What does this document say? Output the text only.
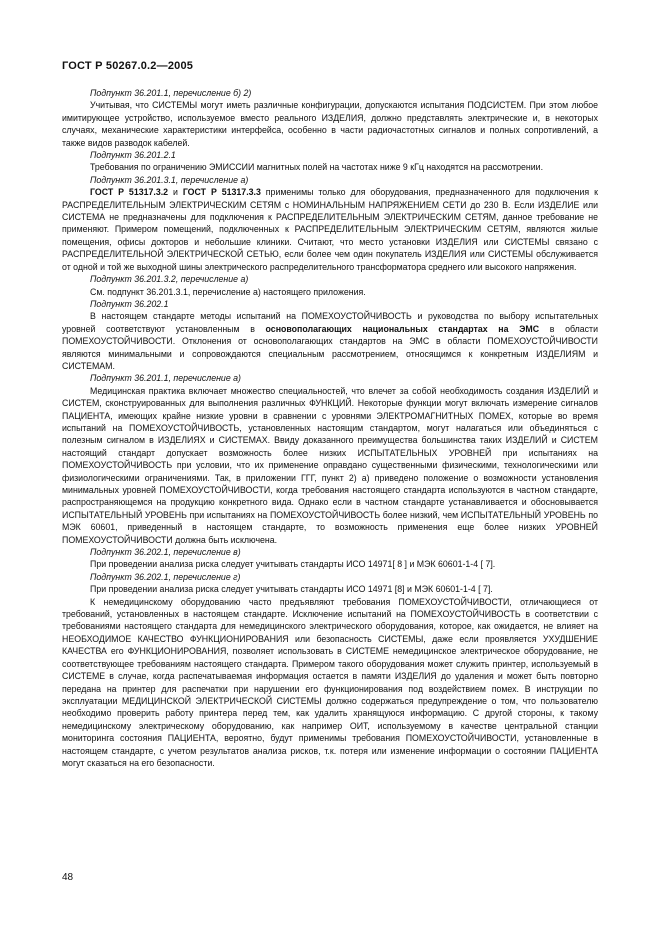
ГОСТ Р 50267.0.2—2005

Подпункт 36.201.1, перечисление б) 2)

Учитывая, что СИСТЕМЫ могут иметь различные конфигурации, допускаются испытания ПОДСИСТЕМ. При этом любое имитирующее устройство, используемое вместо реального ИЗДЕЛИЯ, должно представлять электрические и, в некоторых случаях, механические характеристики интерфейса, особенно в части радиочастотных сигналов и полных сопротивлений, а также видов разводок кабелей.

Подпункт 36.201.2.1

Требования по ограничению ЭМИССИИ магнитных полей на частотах ниже 9 кГц находятся на рассмотрении.

Подпункт 36.201.3.1, перечисление а)

ГОСТ Р 51317.3.2 и ГОСТ Р 51317.3.3 применимы только для оборудования, предназначенного для подключения к РАСПРЕДЕЛИТЕЛЬНЫМ ЭЛЕКТРИЧЕСКИМ СЕТЯМ с НОМИНАЛЬНЫМ НАПРЯЖЕНИЕМ СЕТИ до 230 В. Если ИЗДЕЛИЕ или СИСТЕМА не предназначены для подключения к РАСПРЕДЕЛИТЕЛЬНЫМ ЭЛЕКТРИЧЕСКИМ СЕТЯМ, данное требование не применяют. Примером помещений, подключенных к РАСПРЕДЕЛИТЕЛЬНЫМ ЭЛЕКТРИЧЕСКИМ СЕТЯМ, являются жилые помещения, офисы докторов и небольшие клиники. Считают, что место установки ИЗДЕЛИЯ или СИСТЕМЫ связано с РАСПРЕДЕЛИТЕЛЬНОЙ ЭЛЕКТРИЧЕСКОЙ СЕТЬЮ, если более чем один покупатель ИЗДЕЛИЯ или СИСТЕМЫ обслуживается от одной и той же выходной шины электрического распределительного трансформатора среднего или высокого напряжения.

Подпункт 36.201.3.2, перечисление а)

См. подпункт 36.201.3.1, перечисление а) настоящего приложения.

Подпункт 36.202.1

В настоящем стандарте методы испытаний на ПОМЕХОУСТОЙЧИВОСТЬ и руководства по выбору испытательных уровней соответствуют установленным в основополагающих национальных стандартах на ЭМС в области ПОМЕХОУСТОЙЧИВОСТИ. Отклонения от основополагающих стандартов на ЭМС в области ПОМЕХОУСТОЙЧИВОСТИ являются минимальными и сопровождаются специальным рассмотрением, относящимся к конкретным ИЗДЕЛИЯМ и СИСТЕМАМ.

Подпункт 36.201.1, перечисление а)

Медицинская практика включает множество специальностей, что влечет за собой необходимость создания ИЗДЕЛИЙ и СИСТЕМ, сконструированных для выполнения различных ФУНКЦИЙ. Некоторые функции могут включать измерение сигналов ПАЦИЕНТА, имеющих крайне низкие уровни в сравнении с уровнями ЭЛЕКТРОМАГНИТНЫХ ПОМЕХ, которые во время испытаний на ПОМЕХОУСТОЙЧИВОСТЬ, установленных настоящим стандартом, могут налагаться или объединяться с полезным сигналом в ИЗДЕЛИЯХ и СИСТЕМАХ. Ввиду доказанного преимущества большинства таких ИЗДЕЛИЙ и СИСТЕМ настоящий стандарт допускает возможность более низких ИСПЫТАТЕЛЬНЫХ УРОВНЕЙ при испытаниях на ПОМЕХОУСТОЙЧИВОСТЬ при условии, что их применение оправдано существенными физическими, технологическими или физиологическими ограничениями. Так, в приложении ГГГ, пункт 2) а) приведено положение о возможности установления минимальных уровней ПОМЕХОУСТОЙЧИВОСТИ, когда требования настоящего стандарта используются в частном стандарте, распространяющемся на продукцию конкретного вида. Однако если в частном стандарте устанавливается и обосновывается ИСПЫТАТЕЛЬНЫЙ УРОВЕНЬ при испытаниях на ПОМЕХОУСТОЙЧИВОСТЬ более низкий, чем ИСПЫТАТЕЛЬНЫЙ УРОВЕНЬ по МЭК 60601, приведенный в настоящем стандарте, то возможность применения еще более низких УРОВНЕЙ ПОМЕХОУСТОЙЧИВОСТИ должна быть исключена.

Подпункт 36.202.1, перечисление в)

При проведении анализа риска следует учитывать стандарты ИСО 14971[ 8 ] и МЭК 60601-1-4 [ 7].

Подпункт 36.202.1, перечисление г)

При проведении анализа риска следует учитывать стандарты ИСО 14971 [8] и МЭК 60601-1-4 [ 7].

К немедицинскому оборудованию часто предъявляют требования ПОМЕХОУСТОЙЧИВОСТИ, отличающиеся от требований, установленных в настоящем стандарте. Исключение испытаний на ПОМЕХОУСТОЙЧИВОСТЬ в соответствии с требованиями настоящего стандарта для немедицинского электрического оборудования, которое, как ожидается, не влияет на НЕОБХОДИМОЕ КАЧЕСТВО ФУНКЦИОНИРОВАНИЯ или безопасность СИСТЕМЫ, даже если проявляется УХУДШЕНИЕ КАЧЕСТВА его ФУНКЦИОНИРОВАНИЯ, позволяет использовать в СИСТЕМЕ немедицинское электрическое оборудование, не соответствующее требованиям настоящего стандарта. Примером такого оборудования может служить принтер, используемый в СИСТЕМЕ в случае, когда распечатываемая информация остается в памяти ИЗДЕЛИЯ до удаления и может быть повторно передана на принтер для распечатки при нарушении его функционирования под воздействием помех. В инструкции по эксплуатации МЕДИЦИНСКОЙ ЭЛЕКТРИЧЕСКОЙ СИСТЕМЫ должно содержаться предупреждение о том, что пользователю необходимо проверить работу принтера перед тем, как удалить хранящуюся информацию. С другой стороны, к такому немедицинскому электрическому оборудованию, как например ОИТ, используемому в качестве центральной станции мониторинга состояния ПАЦИЕНТА, вероятно, будут применимы требования ПОМЕХОУСТОЙЧИВОСТИ, установленные в настоящем стандарте, с учетом результатов анализа рисков, т.к. потеря или изменение информации о состоянии ПАЦИЕНТА могут сказаться на его безопасности.

48
